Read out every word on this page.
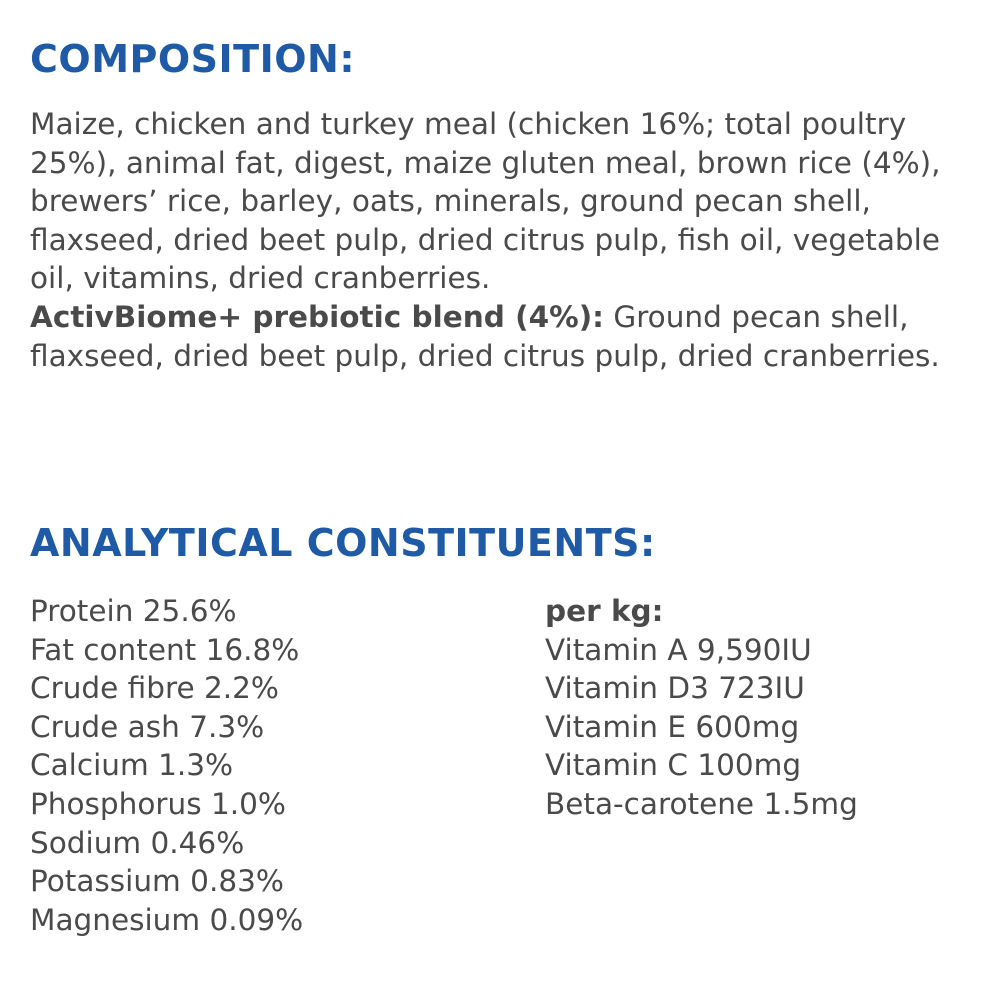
COMPOSITION:

Maize, chicken and turkey meal (chicken 16%; total poultry 25%), animal fat, digest, maize gluten meal, brown rice (4%), brewers’ rice, barley, oats, minerals, ground pecan shell, flaxseed, dried beet pulp, dried citrus pulp, fish oil, vegetable oil, vitamins, dried cranberries.

ActivBiome+ prebiotic blend (4%): Ground pecan shell, flaxseed, dried beet pulp, dried citrus pulp, dried cranberries.

ANALYTICAL CONSTITUENTS:
Protein 25.6%
Fat content 16.8%
Crude fibre 2.2%
Crude ash 7.3%
Calcium 1.3%
Phosphorus 1.0%
Sodium 0.46%
Potassium 0.83%
Magnesium 0.09%
per kg:
Vitamin A 9,590IU
Vitamin D3 723IU
Vitamin E 600mg
Vitamin C 100mg
Beta-carotene 1.5mg
